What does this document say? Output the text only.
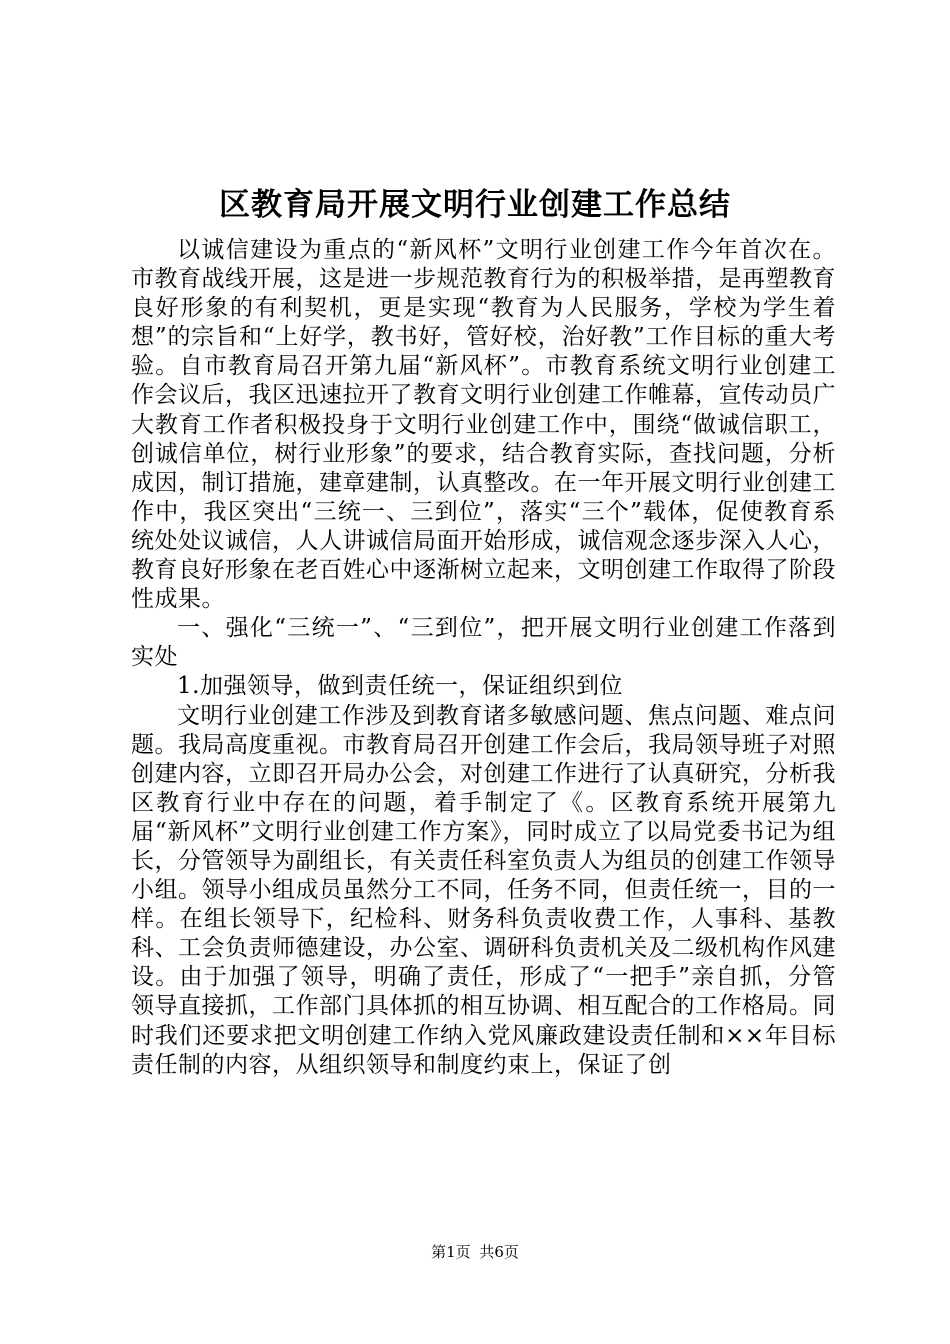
区教育局开展文明行业创建工作总结

以诚信建设为重点的“新风杯”文明行业创建工作今年首次在。市教育战线开展，这是进一步规范教育行为的积极举措，是再塑教育良好形象的有利契机，更是实现“教育为人民服务，学校为学生着想”的宗旨和“上好学，教书好，管好校，治好教”工作目标的重大考验。自市教育局召开第九届“新风杯”。市教育系统文明行业创建工作会议后，我区迅速拉开了教育文明行业创建工作帷幕，宣传动员广大教育工作者积极投身于文明行业创建工作中，围绕“做诚信职工，创诚信单位，树行业形象”的要求，结合教育实际，查找问题，分析成因，制订措施，建章建制，认真整改。在一年开展文明行业创建工作中，我区突出“三统一、三到位”，落实“三个”载体，促使教育系统处处议诚信，人人讲诚信局面开始形成，诚信观念逐步深入人心，教育良好形象在老百姓心中逐渐树立起来，文明创建工作取得了阶段性成果。

一、强化“三统一”、“三到位”，把开展文明行业创建工作落到实处

1.加强领导，做到责任统一，保证组织到位

文明行业创建工作涉及到教育诸多敏感问题、焦点问题、难点问题。我局高度重视。市教育局召开创建工作会后，我局领导班子对照创建内容，立即召开局办公会，对创建工作进行了认真研究，分析我区教育行业中存在的问题，着手制定了《。区教育系统开展第九届“新风杯”文明行业创建工作方案》，同时成立了以局党委书记为组长，分管领导为副组长，有关责任科室负责人为组员的创建工作领导小组。领导小组成员虽然分工不同，任务不同，但责任统一，目的一样。在组长领导下，纪检科、财务科负责收费工作，人事科、基教科、工会负责师德建设，办公室、调研科负责机关及二级机构作风建设。由于加强了领导，明确了责任，形成了“一把手”亲自抓，分管领导直接抓，工作部门具体抓的相互协调、相互配合的工作格局。同时我们还要求把文明创建工作纳入党风廉政建设责任制和××年目标责任制的内容，从组织领导和制度约束上，保证了创

第1页 共6页
